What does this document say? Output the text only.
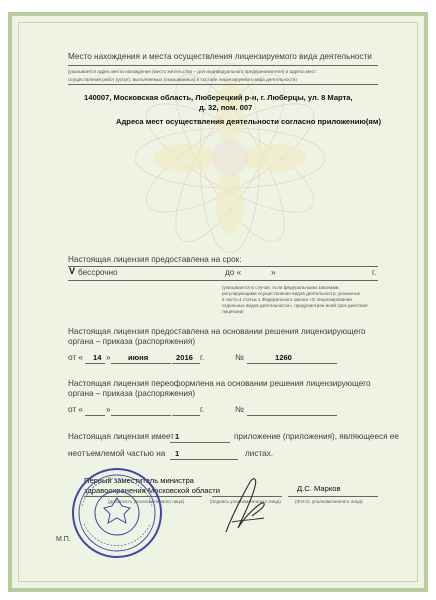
Место нахождения и места осуществления лицензируемого вида деятельности
(указывается адрес места нахождения (место жительства – для индивидуального предпринимателя) и адреса мест
осуществления работ (услуг), выполняемых (оказываемых) в составе лицензируемого вида деятельности)
140007, Московская область, Люберецкий р-н, г. Люберцы, ул. 8 Марта,
д. 32, пом. 007
Адреса мест осуществления деятельности согласно приложению(ям)
Настоящая лицензия предоставлена на срок:
V бессрочно	до «	»	г.
(указывается в случае, если федеральными законами,
регулирующими осуществление видов деятельности, указанных
в части 4 статьи 1 Федерального закона «О лицензировании
отдельных видов деятельности», предусмотрен иной срок действия
лицензии)
Настоящая лицензия предоставлена на основании решения лицензирующего
органа – приказа (распоряжения)
от « 14 » июня	2016 г.	№	1260
Настоящая лицензия переоформлена на основании решения лицензирующего
органа – приказа (распоряжения)
от «	»	г.	№
Настоящая лицензия имеет 1	приложение (приложения), являющееся ее
неотъемлемой частью на 1	листах.
Первый заместитель министра
здравоохранения Московской области
(должность уполномоченного лица)	(подпись уполномоченного лица)
Д.С. Марков
(Ф.И.О. уполномоченного лица)
М.П.
